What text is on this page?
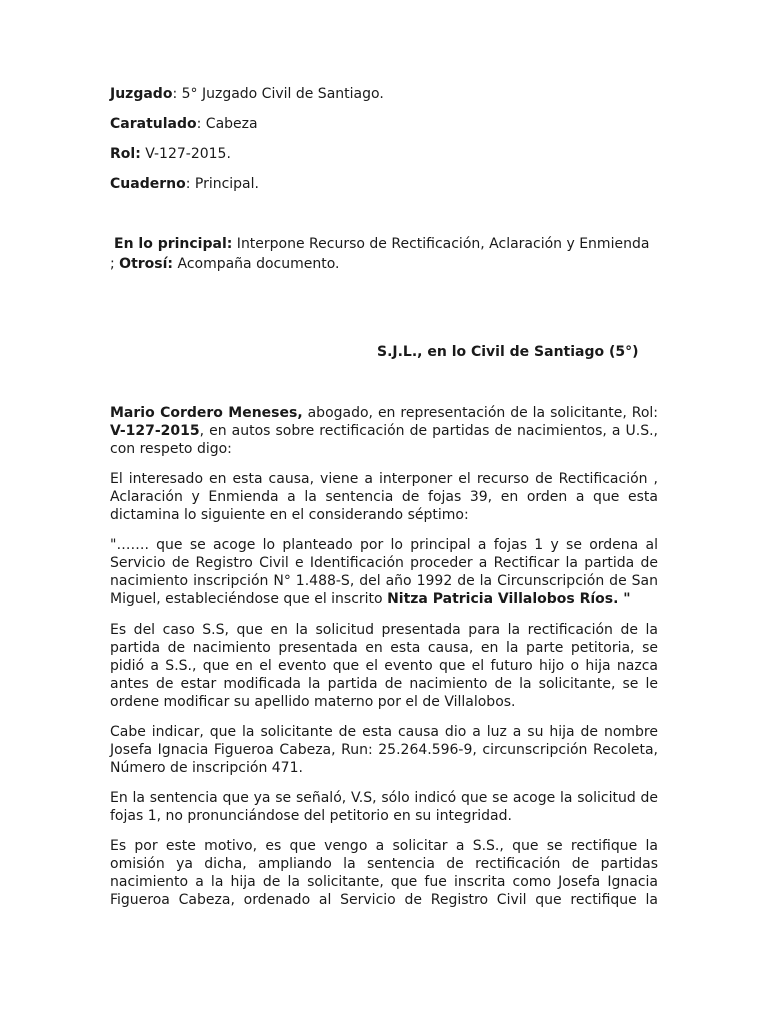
Juzgado: 5° Juzgado Civil de Santiago.
Caratulado: Cabeza
Rol: V-127-2015.
Cuaderno: Principal.
En lo principal: Interpone Recurso de Rectificación, Aclaración y Enmienda
; Otrosí: Acompaña documento.
S.J.L., en lo Civil de Santiago (5°)

Mario Cordero Meneses, abogado, en representación de la solicitante, Rol: V-127-2015, en autos sobre rectificación de partidas de nacimientos, a U.S., con respeto digo:

El interesado en esta causa, viene a interponer el recurso de Rectificación , Aclaración y Enmienda a la sentencia de fojas 39, en orden a que esta dictamina lo siguiente en el considerando séptimo:

"……. que se acoge lo planteado por lo principal a fojas 1 y se ordena al Servicio de Registro Civil e Identificación proceder a Rectificar la partida de nacimiento inscripción N° 1.488-S, del año 1992 de la Circunscripción de San Miguel, estableciéndose que el inscrito Nitza Patricia Villalobos Ríos. "

Es del caso S.S, que en la solicitud presentada para la rectificación de la partida de nacimiento presentada en esta causa, en la parte petitoria, se pidió a S.S., que en el evento que el evento que el futuro hijo o hija nazca antes de estar modificada la partida de nacimiento de la solicitante, se le ordene modificar su apellido materno por el de Villalobos.

Cabe indicar, que la solicitante de esta causa dio a luz a su hija de nombre Josefa Ignacia Figueroa Cabeza, Run: 25.264.596-9, circunscripción Recoleta, Número de inscripción 471.

En la sentencia que ya se señaló, V.S, sólo indicó que se acoge la solicitud de fojas 1, no pronunciándose del petitorio en su integridad.

Es por este motivo, es que vengo a solicitar a S.S., que se rectifique la omisión ya dicha, ampliando la sentencia de rectificación de partidas nacimiento a la hija de la solicitante, que fue inscrita como Josefa Ignacia Figueroa Cabeza, ordenado al Servicio de Registro Civil que rectifique la
